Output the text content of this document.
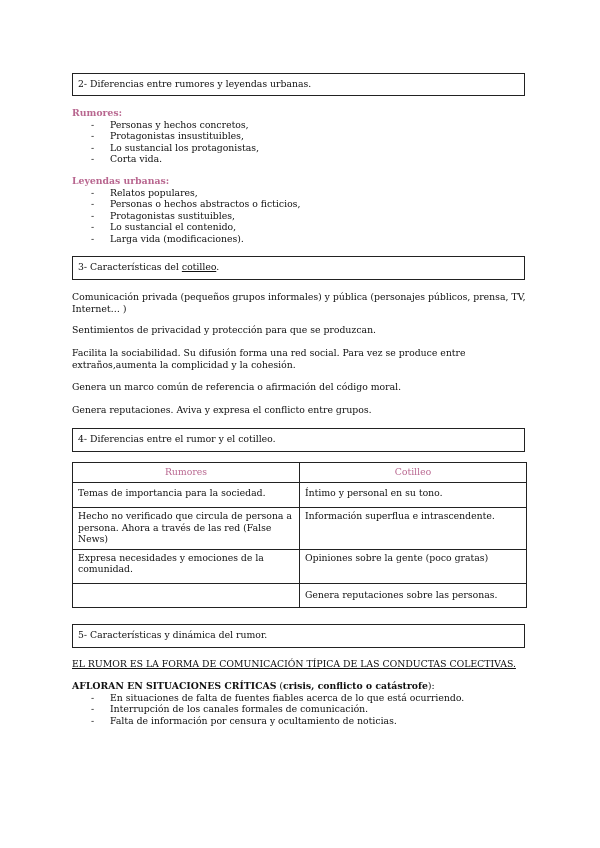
2- Diferencias entre rumores y leyendas urbanas.
Rumores:
- Personas y hechos concretos,
- Protagonistas insustituibles,
- Lo sustancial los protagonistas,
- Corta vida.
Leyendas urbanas:
- Relatos populares,
- Personas o hechos abstractos o ficticios,
- Protagonistas sustituibles,
- Lo sustancial el contenido,
- Larga vida (modificaciones).
3- Características del cotilleo.

Comunicación privada (pequeños grupos informales) y pública (personajes públicos, prensa, TV, Internet… )

Sentimientos de privacidad y protección para que se produzcan.

Facilita la sociabilidad. Su difusión forma una red social. Para vez se produce entre extraños,aumenta la complicidad y la cohesión.

Genera un marco común de referencia o afirmación del código moral.

Genera reputaciones. Aviva y expresa el conflicto entre grupos.

4- Diferencias entre el rumor y el cotilleo.
Rumores	Cotilleo
Temas de importancia para la sociedad.	Íntimo y personal en su tono.
Hecho no verificado que circula de persona a persona. Ahora a través de las red (False News)	Información superflua e intrascendente.
Expresa necesidades y emociones de la comunidad.	Opiniones sobre la gente (poco gratas)
	Genera reputaciones sobre las personas.
5- Características y dinámica del rumor.

EL RUMOR ES LA FORMA DE COMUNICACIÓN TÍPICA DE LAS CONDUCTAS COLECTIVAS.

AFLORAN EN SITUACIONES CRÍTICAS (crisis, conflicto o catástrofe):
- En situaciones de falta de fuentes fiables acerca de lo que está ocurriendo.
- Interrupción de los canales formales de comunicación.
- Falta de información por censura y ocultamiento de noticias.
